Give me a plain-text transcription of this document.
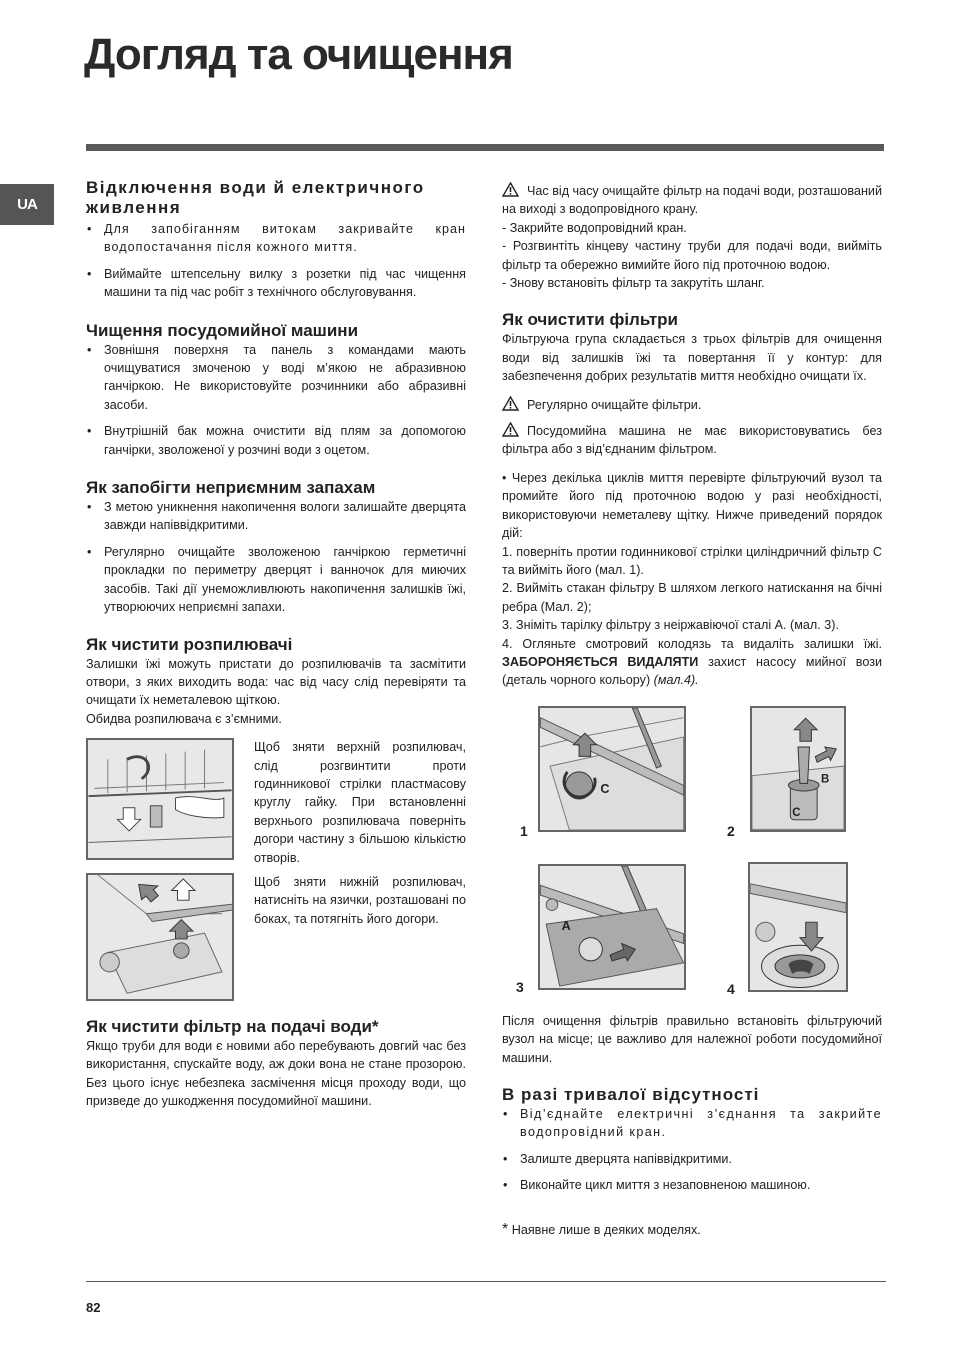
Догляд та очищення
UA
Відключення води й електричного живлення
• Для запобіганням витокам закривайте кран водопостачання після кожного миття.
• Виймайте штепсельну вилку з розетки під час чищення машини та під час робіт з технічного обслуговування.
Чищення посудомийної машини
• Зовнішня поверхня та панель з командами мають очищуватися змоченою у воді м’якою не абразивною ганчіркою. Не використовуйте розчинники або абразивні засоби.
• Внутрішній бак можна очистити від плям за допомогою ганчірки, зволоженої у розчині води з оцетом.
Як запобігти неприємним запахам
• З метою уникнення накопичення вологи залишайте дверцята завжди напіввідкритими.
• Регулярно очищайте зволоженою ганчіркою герметичні прокладки по периметру дверцят і ванночок для миючих засобів. Такі дії унеможливлюють накопичення залишків їжі, утворюючих неприємні запахи.
Як чистити розпилювачі

Залишки їжі можуть пристати до розпилювачів та засмітити отвори, з яких виходить вода: час від часу слід перевіряти та очищати їх неметалевою щіткою.

Обидва розпилювача є з’ємними.

Щоб зняти верхній розпилювач, слід розгвинтити проти годинникової стрілки пластмасову круглу гайку. При встановленні верхнього розпилювача поверніть догори частину з більшою кількістю отворів.

Щоб зняти нижній розпилювач, натисніть на язички, розташовані по боках, та потягніть його догори.

Як чистити фільтр на подачі води*

Якщо труби для води є новими або перебувають довгий час без використання, спускайте воду, аж доки вона не стане прозорою. Без цього існує небезпека засмічення місця проходу води, що призведе до ушкодження посудомийної машини.

Час від часу очищайте фільтр на подачі води, розташований на виході з водопровідного крану.

- Закрийте водопровідний кран.

- Розгвинтіть кінцеву частину труби для подачі води, вийміть фільтр та обережно вимийте його під проточною водою.

- Знову встановіть фільтр та закрутіть шланг.

Як очистити фільтри

Фільтруюча група складається з трьох фільтрів для очищення води від залишків їжі та повертання її у контур: для забезпечення добрих результатів миття необхідно очищати їх.

Регулярно очищайте фільтри.

Посудомийна машина не має використовуватись без фільтра або з від’єднаним фільтром.

• Через декілька циклів миття перевірте фільтруючий вузол та промийте його під проточною водою у разі необхідності, використовуючи неметалеву щітку. Нижче приведений порядок дій:

1. поверніть протии годинникової стрілки циліндричний фільтр С та вийміть його (мал. 1).

2. Вийміть стакан фільтру B шляхом легкого натискання на бічні ребра (Мал. 2);

3. Зніміть тарілку фільтру з неіржавіючої сталі A. (мал. 3).

4. Огляньте смотровий колодязь та видаліть залишки їжі. ЗАБОРОНЯЄТЬСЯ ВИДАЛЯТИ захист насосу мийної вози (деталь чорного кольору) (мал.4).

1
C
2
B
C
3
A
4

Після очищення фільтрів правильно встановіть фільтруючий вузол на місце; це важливо для належної роботи посудомийної машини.

В разі тривалої відсутності
• Від’єднайте електричні з’єднання та закрийте водопровідний кран.
• Залиште дверцята напіввідкритими.
• Виконайте цикл миття з незаповненою машиною.

* Наявне лише в деяких моделях.

82
